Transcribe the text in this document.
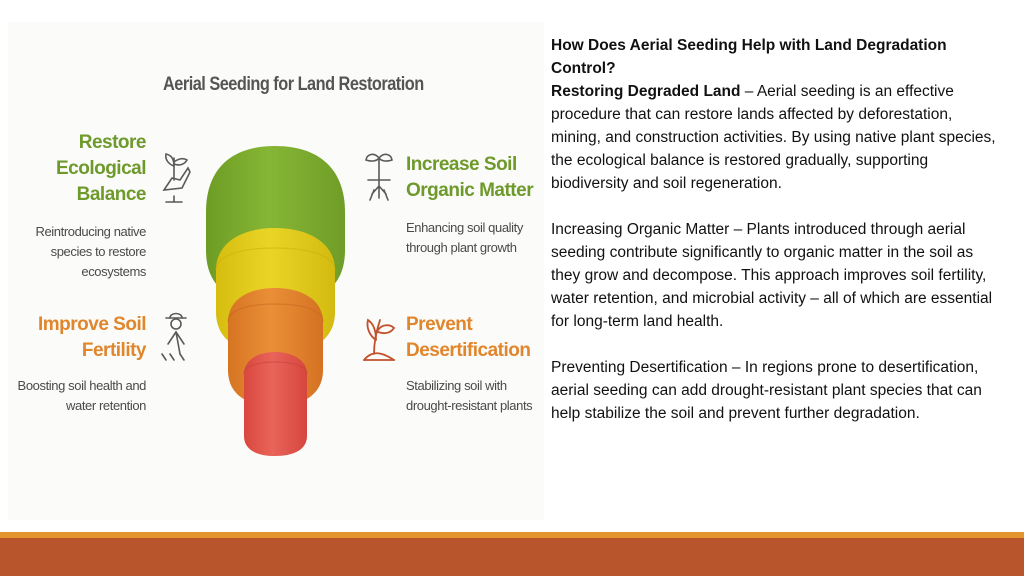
Aerial Seeding for Land Restoration
Restore
Ecological
Balance
Reintroducing native
species to restore
ecosystems
Improve Soil
Fertility
Boosting soil health and
water retention
Increase Soil
Organic Matter
Enhancing soil quality
through plant growth
Prevent
Desertification
Stabilizing soil with
drought-resistant plants

How Does Aerial Seeding Help with Land Degradation Control?

Restoring Degraded Land – Aerial seeding is an effective procedure that can restore lands affected by deforestation, mining, and construction activities. By using native plant species, the ecological balance is restored gradually, supporting biodiversity and soil regeneration.

Increasing Organic Matter – Plants introduced through aerial seeding contribute significantly to organic matter in the soil as they grow and decompose. This approach improves soil fertility, water retention, and microbial activity – all of which are essential for long-term land health.

Preventing Desertification – In regions prone to desertification, aerial seeding can add drought-resistant plant species that can help stabilize the soil and prevent further degradation.
